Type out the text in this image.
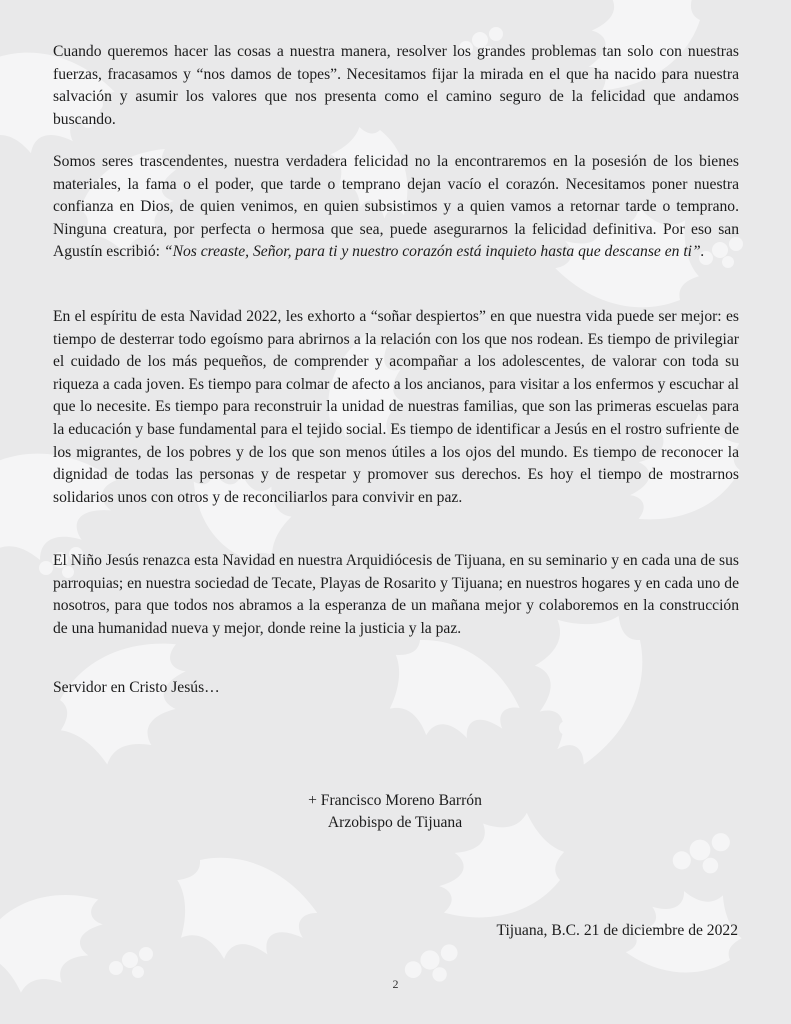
Cuando queremos hacer las cosas a nuestra manera, resolver los grandes problemas tan solo con nuestras fuerzas, fracasamos y “nos damos de topes”. Necesitamos fijar la mirada en el que ha nacido para nuestra salvación y asumir los valores que nos presenta como el camino seguro de la felicidad que andamos buscando.

Somos seres trascendentes, nuestra verdadera felicidad no la encontraremos en la posesión de los bienes materiales, la fama o el poder, que tarde o temprano dejan vacío el corazón. Necesitamos poner nuestra confianza en Dios, de quien venimos, en quien subsistimos y a quien vamos a retornar tarde o temprano. Ninguna creatura, por perfecta o hermosa que sea, puede asegurarnos la felicidad definitiva. Por eso san Agustín escribió: “Nos creaste, Señor, para ti y nuestro corazón está inquieto hasta que descanse en ti”.

En el espíritu de esta Navidad 2022, les exhorto a “soñar despiertos” en que nuestra vida puede ser mejor: es tiempo de desterrar todo egoísmo para abrirnos a la relación con los que nos rodean. Es tiempo de privilegiar el cuidado de los más pequeños, de comprender y acompañar a los adolescentes, de valorar con toda su riqueza a cada joven. Es tiempo para colmar de afecto a los ancianos, para visitar a los enfermos y escuchar al que lo necesite. Es tiempo para reconstruir la unidad de nuestras familias, que son las primeras escuelas para la educación y base fundamental para el tejido social. Es tiempo de identificar a Jesús en el rostro sufriente de los migrantes, de los pobres y de los que son menos útiles a los ojos del mundo. Es tiempo de reconocer la dignidad de todas las personas y de respetar y promover sus derechos. Es hoy el tiempo de mostrarnos solidarios unos con otros y de reconciliarlos para convivir en paz.

El Niño Jesús renazca esta Navidad en nuestra Arquidiócesis de Tijuana, en su seminario y en cada una de sus parroquias; en nuestra sociedad de Tecate, Playas de Rosarito y Tijuana; en nuestros hogares y en cada uno de nosotros, para que todos nos abramos a la esperanza de un mañana mejor y colaboremos en la construcción de una humanidad nueva y mejor, donde reine la justicia y la paz.

Servidor en Cristo Jesús…

+ Francisco Moreno Barrón

Arzobispo de Tijuana

Tijuana, B.C. 21 de diciembre de 2022

2
